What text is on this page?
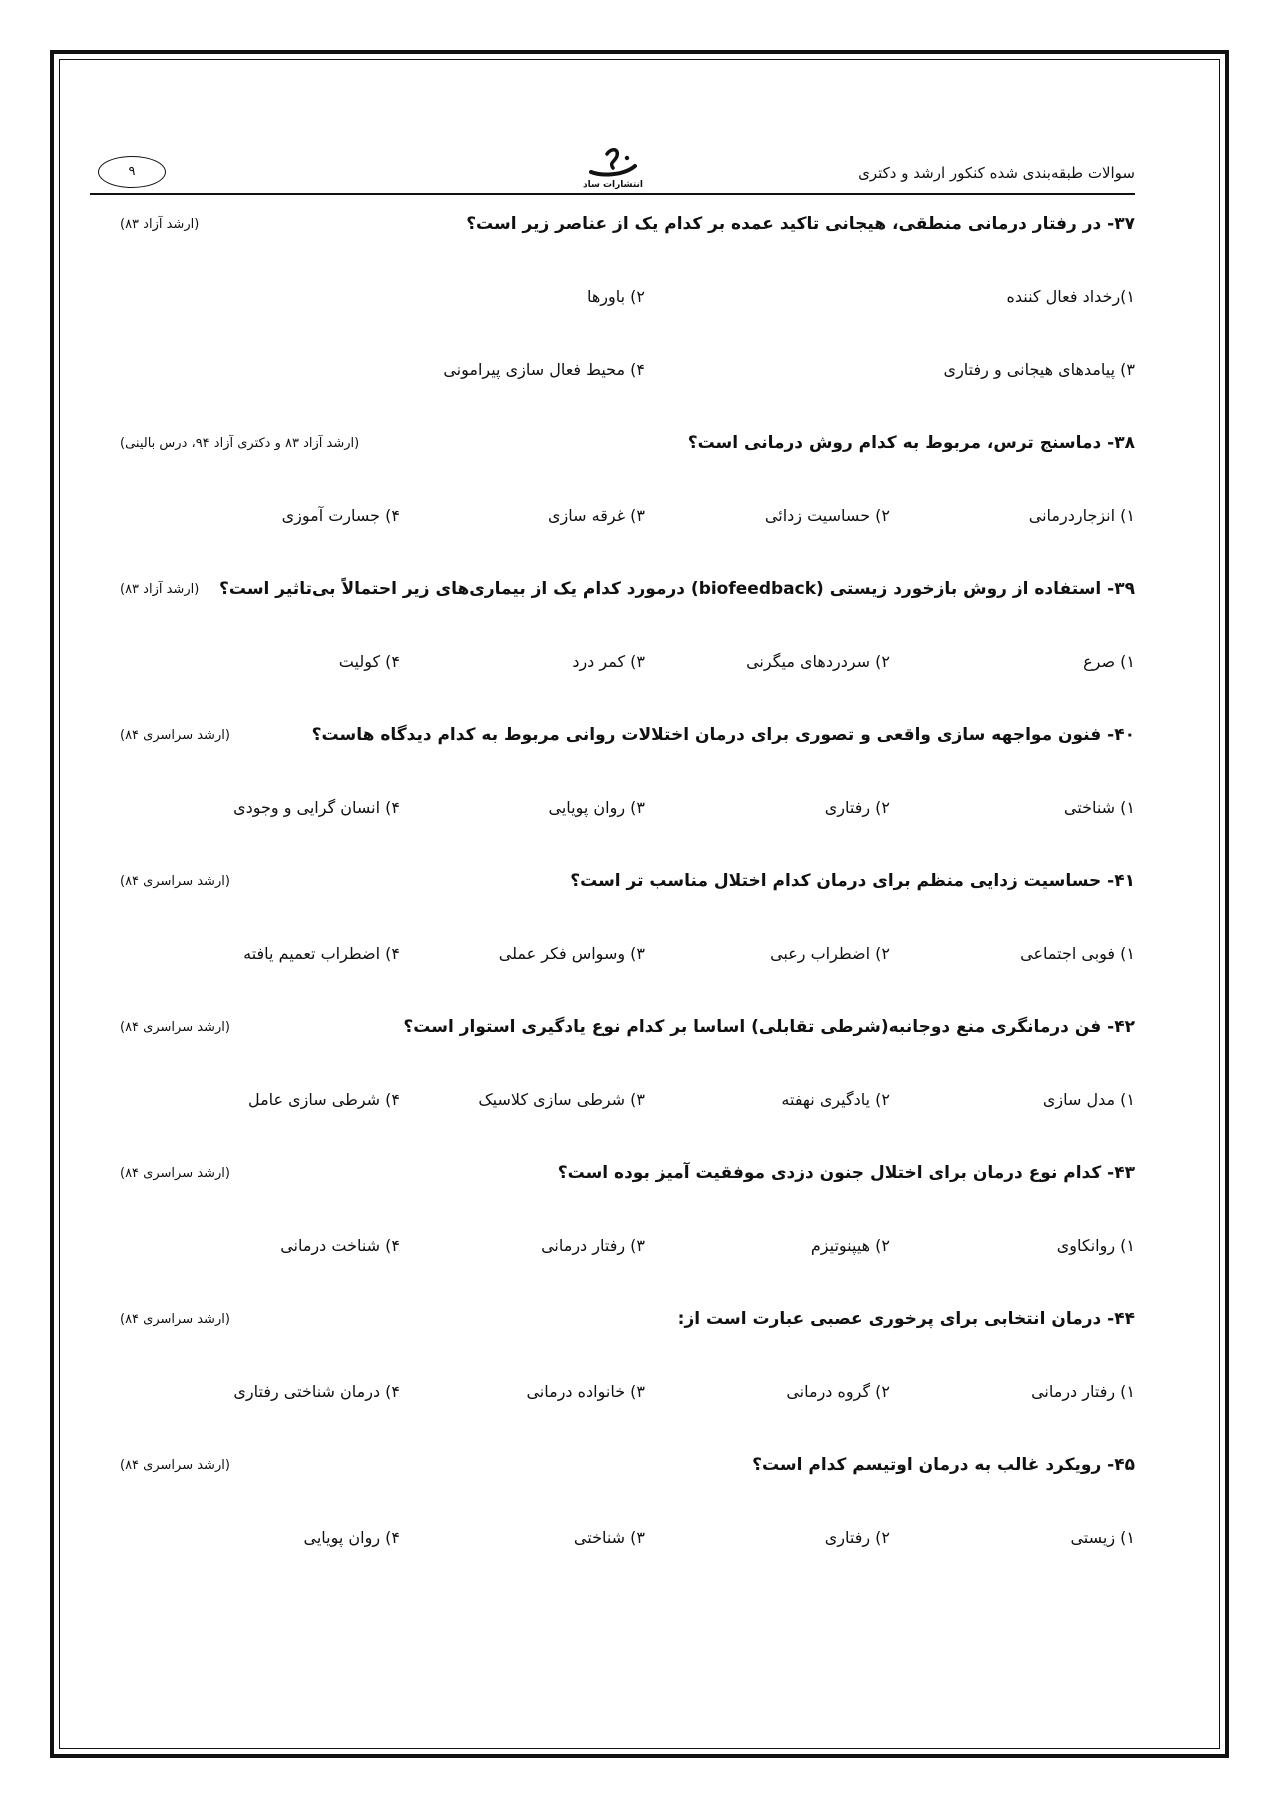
سوالات طبقه‌بندی شده کنکور ارشد و دکتری
انتشارات ساد
۹
۳۷- در رفتار درمانی منطقی، هیجانی تاکید عمده بر کدام یک از عناصر زیر است؟
(ارشد آزاد ۸۳)
۱)رخداد فعال کننده
۲) باورها
۳) پیامدهای هیجانی و رفتاری
۴) محیط فعال سازی پیرامونی
۳۸- دماسنج ترس، مربوط به کدام روش درمانی است؟
(ارشد آزاد ۸۳ و دکتری آزاد ۹۴، درس بالینی)
۱) انزجاردرمانی
۲) حساسیت زدائی
۳) غرقه سازی
۴) جسارت آموزی
۳۹- استفاده از روش بازخورد زیستی (biofeedback) درمورد کدام یک از بیماری‌های زیر احتمالاً بی‌تاثیر است؟
(ارشد آزاد ۸۳)
۱) صرع
۲) سردردهای میگرنی
۳) کمر درد
۴) کولیت
۴۰- فنون مواجهه سازی واقعی و تصوری برای درمان اختلالات روانی مربوط به کدام دیدگاه هاست؟
(ارشد سراسری ۸۴)
۱) شناختی
۲) رفتاری
۳) روان پویایی
۴) انسان گرایی و وجودی
۴۱- حساسیت زدایی منظم برای درمان کدام اختلال مناسب تر است؟
(ارشد سراسری ۸۴)
۱) فوبی اجتماعی
۲) اضطراب رعبی
۳) وسواس فکر عملی
۴) اضطراب تعمیم یافته
۴۲- فن درمانگری منع دوجانبه(شرطی تقابلی) اساسا بر کدام نوع یادگیری استوار است؟
(ارشد سراسری ۸۴)
۱) مدل سازی
۲) یادگیری نهفته
۳) شرطی سازی کلاسیک
۴) شرطی سازی عامل
۴۳- کدام نوع درمان برای اختلال جنون دزدی موفقیت آمیز بوده است؟
(ارشد سراسری ۸۴)
۱) روانکاوی
۲) هیپنوتیزم
۳) رفتار درمانی
۴) شناخت درمانی
۴۴- درمان انتخابی برای پرخوری عصبی عبارت است از:
(ارشد سراسری ۸۴)
۱) رفتار درمانی
۲) گروه درمانی
۳) خانواده درمانی
۴) درمان شناختی رفتاری
۴۵- رویکرد غالب به درمان اوتیسم کدام است؟
(ارشد سراسری ۸۴)
۱) زیستی
۲) رفتاری
۳) شناختی
۴) روان پویایی
